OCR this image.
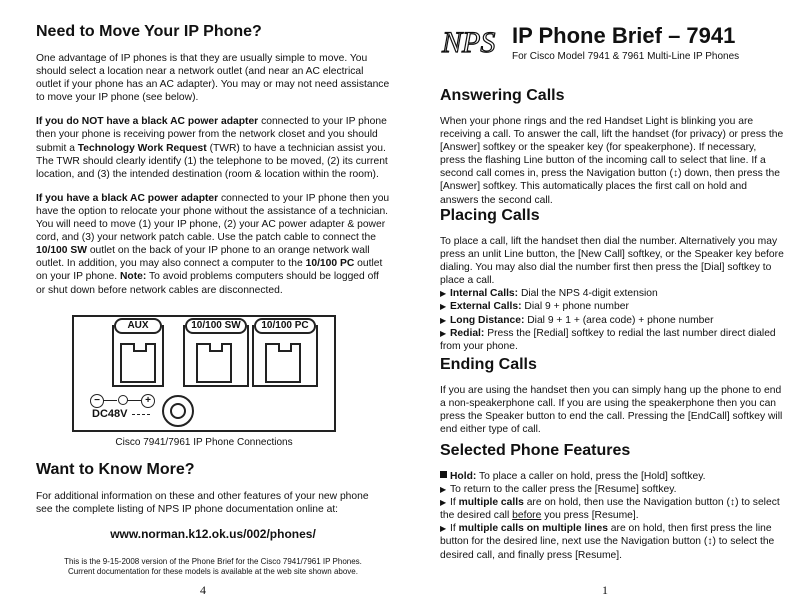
Need to Move Your IP Phone?

One advantage of IP phones is that they are usually simple to move. You should select a location near a network outlet (and near an AC electrical outlet if your phone has an AC adapter). You may or may not need assistance to move your IP phone (see below).

If you do NOT have a black AC power adapter connected to your IP phone then your phone is receiving power from the network closet and you should submit a Technology Work Request (TWR) to have a technician assist you. The TWR should clearly identify (1) the telephone to be moved, (2) its current location, and (3) the intended destination (room & location within the room).

If you have a black AC power adapter connected to your IP phone then you have the option to relocate your phone without the assistance of a technician. You will need to move (1) your IP phone, (2) your AC power adapter & power cord, and (3) your network patch cable. Use the patch cable to connect the 10/100 SW outlet on the back of your IP phone to an orange network wall outlet. In addition, you may also connect a computer to the 10/100 PC outlet on your IP phone. Note: To avoid problems computers should be logged off or shut down before network cables are disconnected.

AUX	10/100 SW	10/100 PC
−	+
DC48V
Cisco 7941/7961 IP Phone Connections
Want to Know More?

For additional information on these and other features of your new phone see the complete listing of NPS IP phone documentation online at:

www.norman.k12.ok.us/002/phones/
This is the 9-15-2008 version of the Phone Brief for the Cisco 7941/7961 IP Phones.
Current documentation for these models is available at the web site shown above.
4
NPS IP Phone Brief – 7941
For Cisco Model 7941 & 7961 Multi-Line IP Phones
Answering Calls

When your phone rings and the red Handset Light is blinking you are receiving a call. To answer the call, lift the handset (for privacy) or press the [Answer] softkey or the speaker key (for speakerphone). If necessary, press the flashing Line button of the incoming call to select that line. If a second call comes in, press the Navigation button (↕) down, then press the [Answer] softkey. This automatically places the first call on hold and answers the second call.

Placing Calls

To place a call, lift the handset then dial the number. Alternatively you may press an unlit Line button, the [New Call] softkey, or the Speaker key before dialing. You may also dial the number first then press the [Dial] softkey to place a call.

▶ Internal Calls: Dial the NPS 4-digit extension

▶ External Calls: Dial 9 + phone number

▶ Long Distance: Dial 9 + 1 + (area code) + phone number

▶ Redial: Press the [Redial] softkey to redial the last number direct dialed from your phone.

Ending Calls

If you are using the handset then you can simply hang up the phone to end a non-speakerphone call. If you are using the speakerphone then you can press the Speaker button to end the call. Pressing the [EndCall] softkey will end either type of call.

Selected Phone Features

Hold: To place a caller on hold, press the [Hold] softkey.

▶ To return to the caller press the [Resume] softkey.

▶ If multiple calls are on hold, then use the Navigation button (↕) to select the desired call before you press [Resume].

▶ If multiple calls on multiple lines are on hold, then first press the line button for the desired line, next use the Navigation button (↕) to select the desired call, and finally press [Resume].

1
